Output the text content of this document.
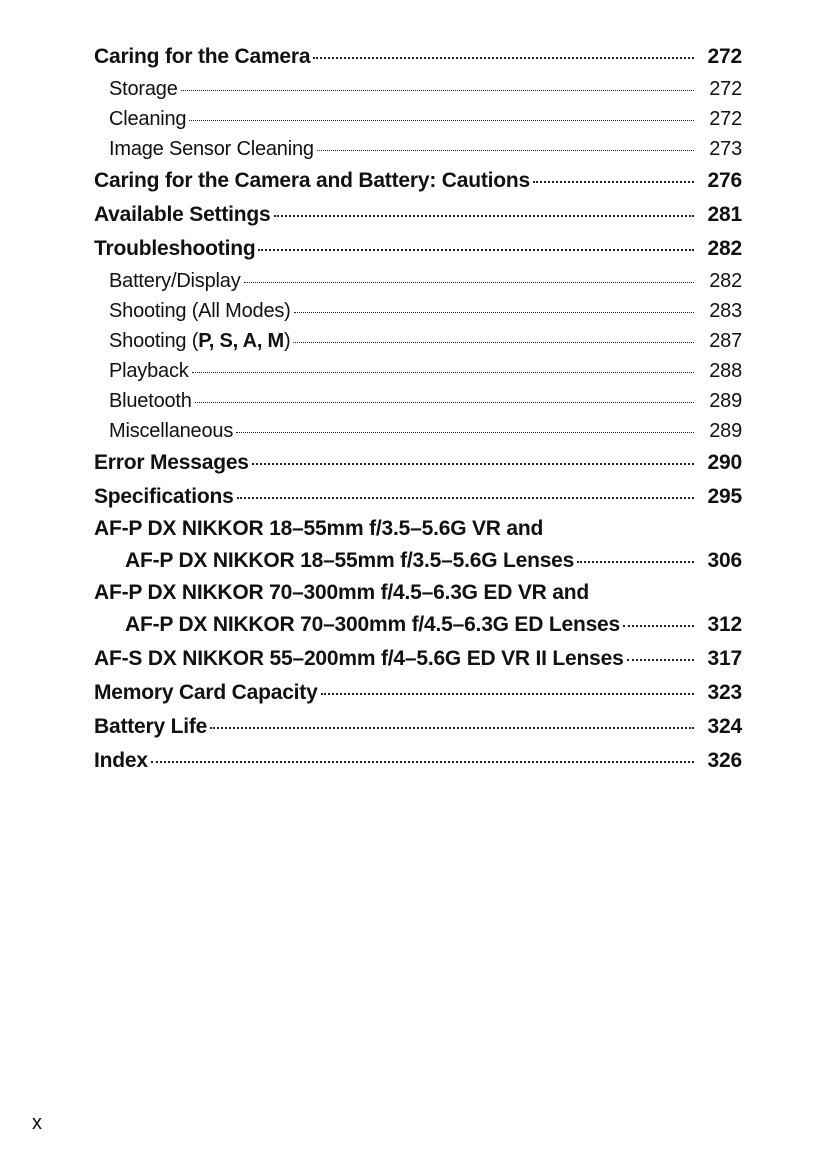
Caring for the Camera	272
Storage	272
Cleaning	272
Image Sensor Cleaning	273
Caring for the Camera and Battery: Cautions	276
Available Settings	281
Troubleshooting	282
Battery/Display	282
Shooting (All Modes)	283
Shooting (P, S, A, M)	287
Playback	288
Bluetooth	289
Miscellaneous	289
Error Messages	290
Specifications	295
AF-P DX NIKKOR 18–55mm f/3.5–5.6G VR and
AF-P DX NIKKOR 18–55mm f/3.5–5.6G Lenses	306
AF-P DX NIKKOR 70–300mm f/4.5–6.3G ED VR and
AF-P DX NIKKOR 70–300mm f/4.5–6.3G ED Lenses	312
AF-S DX NIKKOR 55–200mm f/4–5.6G ED VR II Lenses	317
Memory Card Capacity	323
Battery Life	324
Index	326
x
